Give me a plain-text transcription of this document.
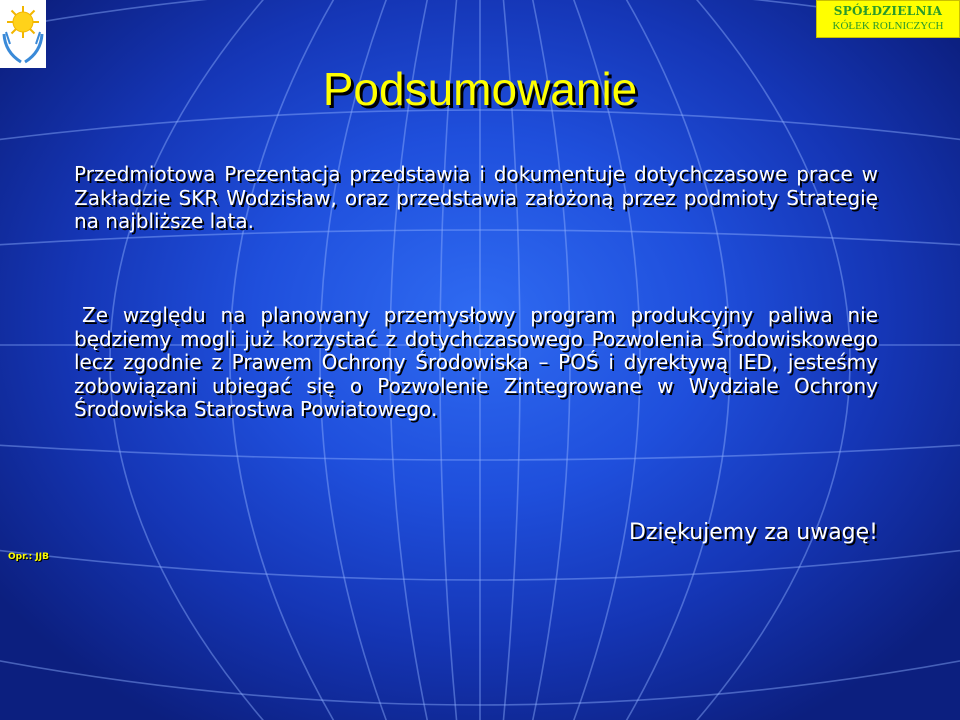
SPÓŁDZIELNIA
KÓŁEK ROLNICZYCH
Podsumowanie

Przedmiotowa Prezentacja przedstawia i dokumentuje dotychczasowe prace w Zakładzie SKR Wodzisław, oraz przedstawia założoną przez podmioty Strategię na najbliższe lata.

Ze względu na planowany przemysłowy program produkcyjny paliwa nie będziemy mogli już korzystać z dotychczasowego Pozwolenia Środowiskowego lecz zgodnie z Prawem Ochrony Środowiska – POŚ i dyrektywą IED, jesteśmy zobowiązani ubiegać się o Pozwolenie Zintegrowane w Wydziale Ochrony Środowiska Starostwa Powiatowego.

Dziękujemy za uwagę!

Opr.: JJB
